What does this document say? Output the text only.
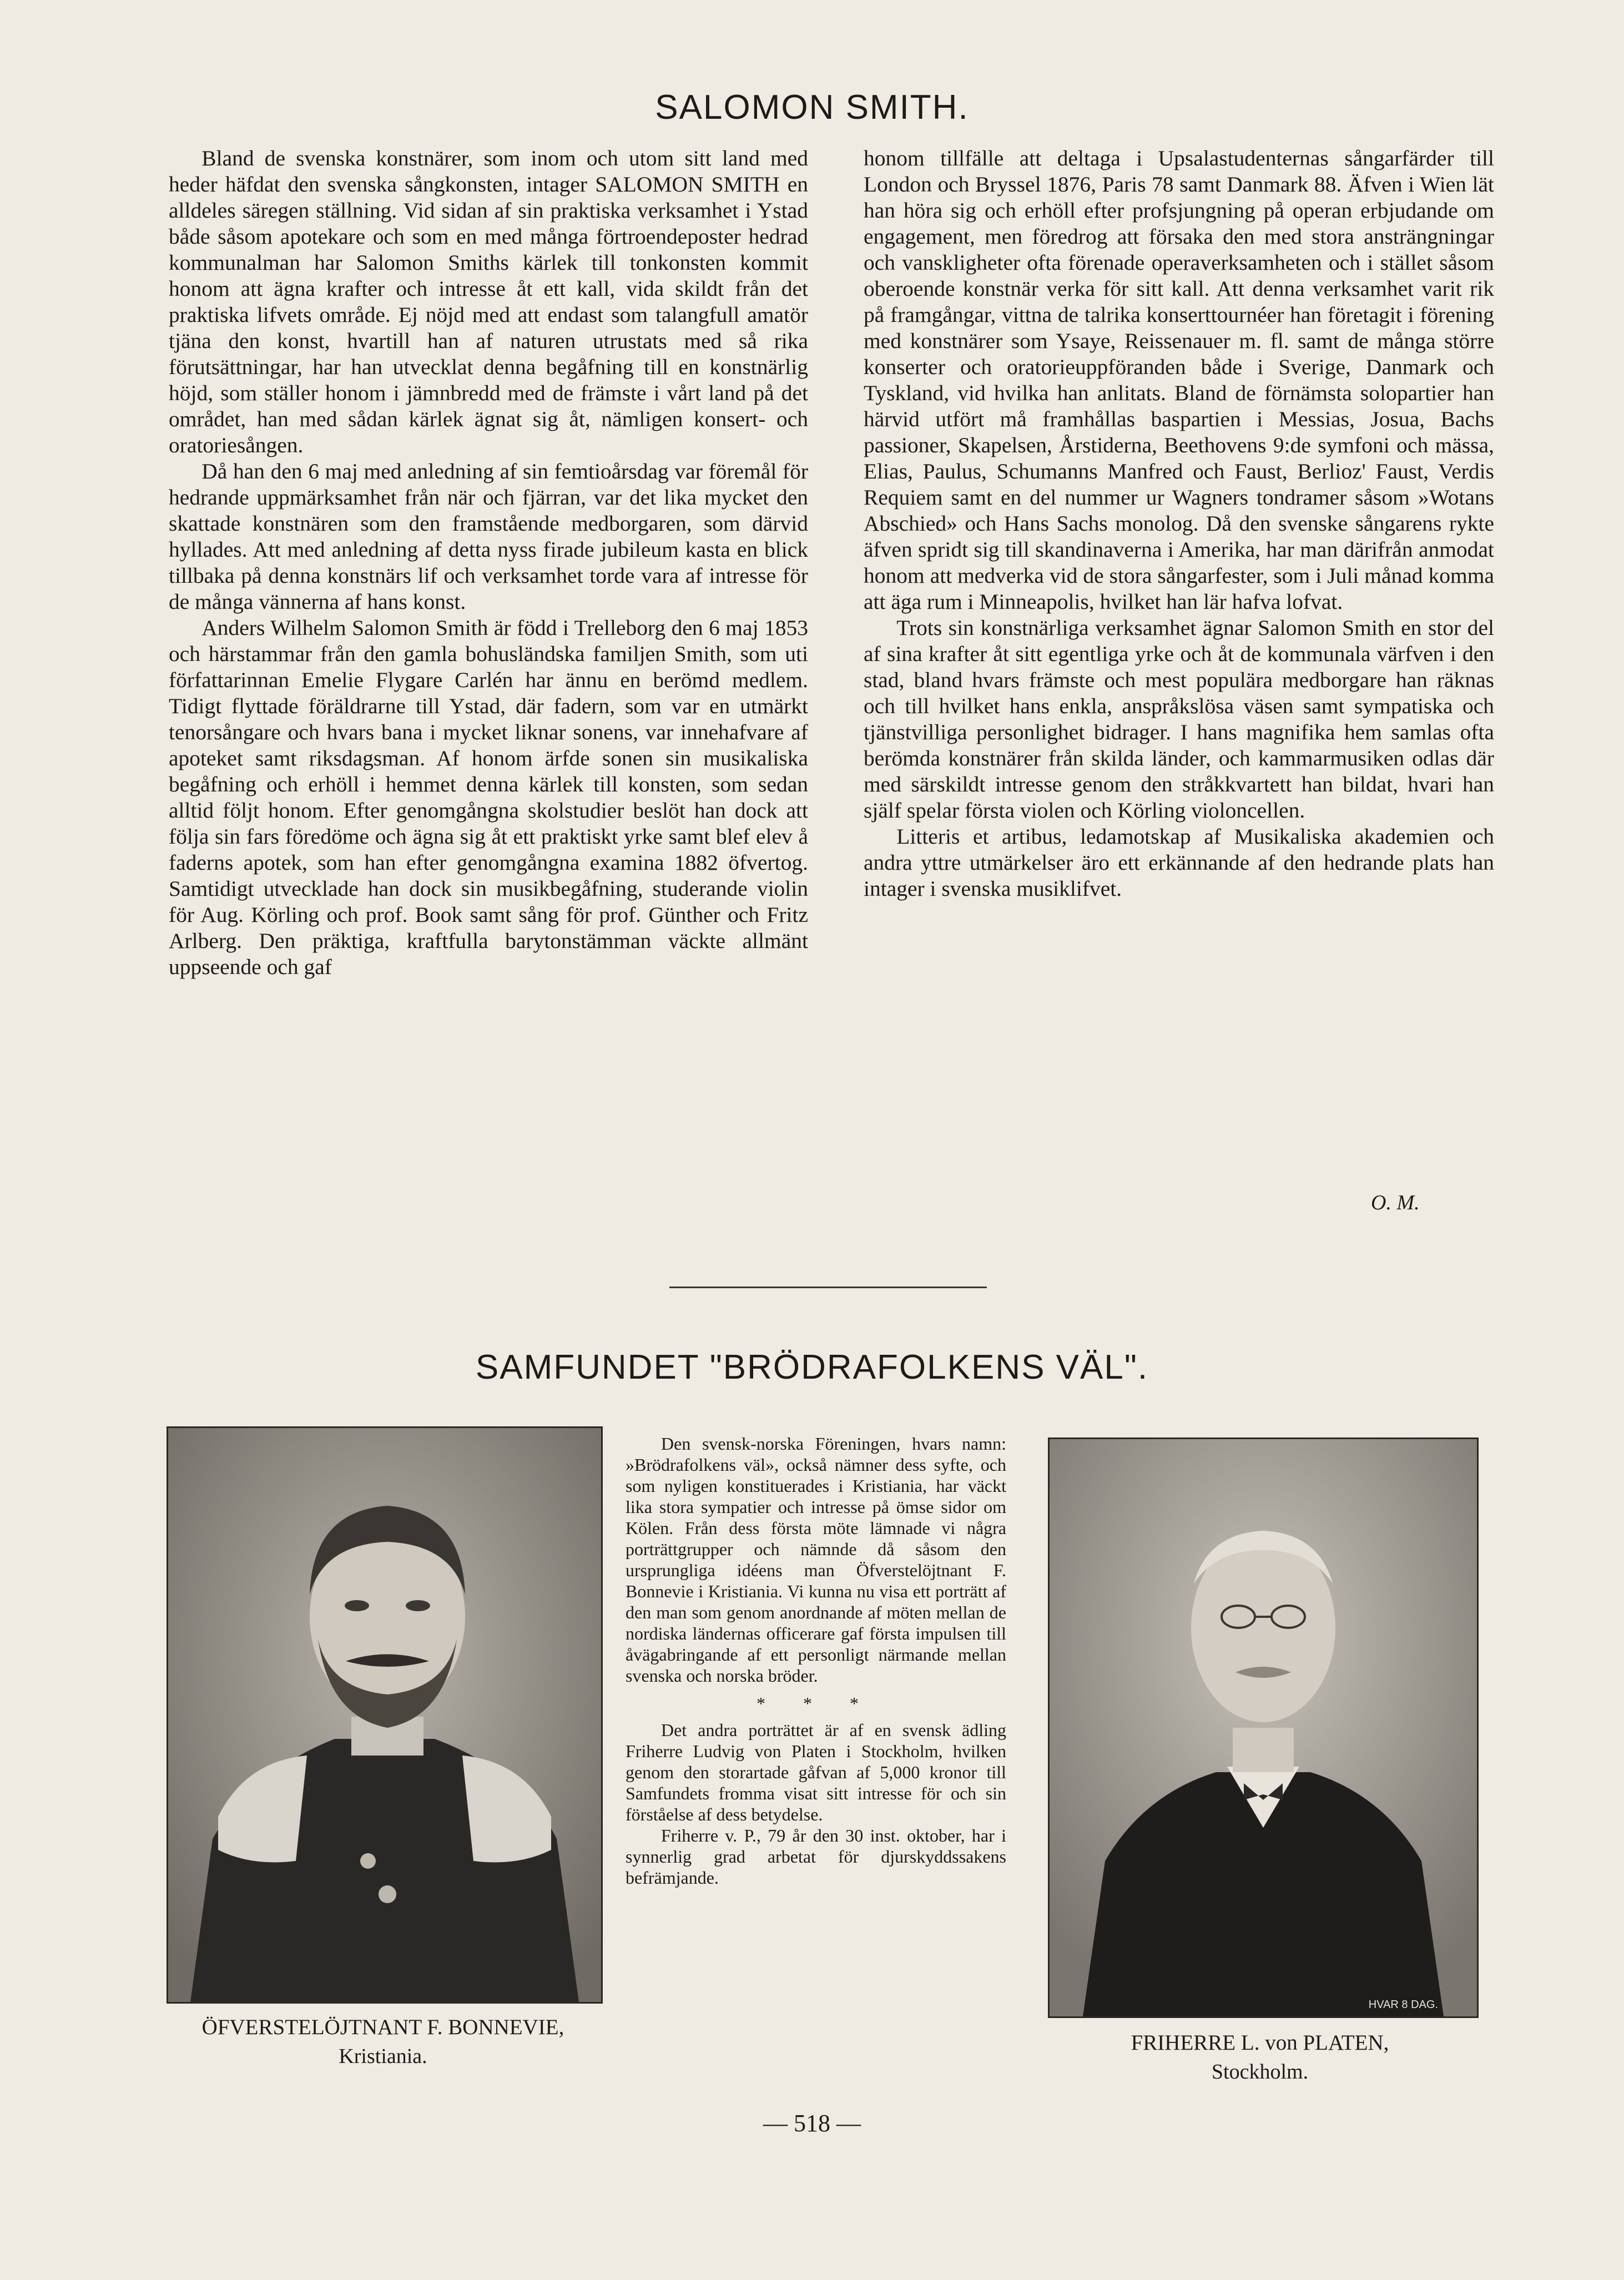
SALOMON SMITH.

Bland de svenska konstnärer, som inom och utom sitt land med heder häfdat den svenska sångkonsten, intager SALOMON SMITH en alldeles säregen ställning. Vid sidan af sin praktiska verksamhet i Ystad både såsom apotekare och som en med många förtroendeposter hedrad kommunalman har Salomon Smiths kärlek till tonkonsten kommit honom att ägna krafter och intresse åt ett kall, vida skildt från det praktiska lifvets område. Ej nöjd med att endast som talangfull amatör tjäna den konst, hvartill han af naturen utrustats med så rika förutsättningar, har han utvecklat denna begåfning till en konstnärlig höjd, som ställer honom i jämnbredd med de främste i vårt land på det området, han med sådan kärlek ägnat sig åt, nämligen konsert- och oratoriesången.

Då han den 6 maj med anledning af sin femtioårsdag var föremål för hedrande uppmärksamhet från när och fjärran, var det lika mycket den skattade konstnären som den framstående medborgaren, som därvid hyllades. Att med anledning af detta nyss firade jubileum kasta en blick tillbaka på denna konstnärs lif och verksamhet torde vara af intresse för de många vännerna af hans konst.

Anders Wilhelm Salomon Smith är född i Trelleborg den 6 maj 1853 och härstammar från den gamla bohusländska familjen Smith, som uti författarinnan Emelie Flygare Carlén har ännu en berömd medlem. Tidigt flyttade föräldrarne till Ystad, där fadern, som var en utmärkt tenorsångare och hvars bana i mycket liknar sonens, var innehafvare af apoteket samt riksdagsman. Af honom ärfde sonen sin musikaliska begåfning och erhöll i hemmet denna kärlek till konsten, som sedan alltid följt honom. Efter genomgångna skolstudier beslöt han dock att följa sin fars föredöme och ägna sig åt ett praktiskt yrke samt blef elev å faderns apotek, som han efter genomgångna examina 1882 öfvertog. Samtidigt utvecklade han dock sin musikbegåfning, studerande violin för Aug. Körling och prof. Book samt sång för prof. Günther och Fritz Arlberg. Den präktiga, kraftfulla barytonstämman väckte allmänt uppseende och gaf

honom tillfälle att deltaga i Upsalastudenternas sångarfärder till London och Bryssel 1876, Paris 78 samt Danmark 88. Äfven i Wien lät han höra sig och erhöll efter profsjungning på operan erbjudande om engagement, men föredrog att försaka den med stora ansträngningar och vanskligheter ofta förenade operaverksamheten och i stället såsom oberoende konstnär verka för sitt kall. Att denna verksamhet varit rik på framgångar, vittna de talrika konserttournéer han företagit i förening med konstnärer som Ysaye, Reissenauer m. fl. samt de många större konserter och oratorieuppföranden både i Sverige, Danmark och Tyskland, vid hvilka han anlitats. Bland de förnämsta solopartier han härvid utfört må framhållas baspartien i Messias, Josua, Bachs passioner, Skapelsen, Årstiderna, Beethovens 9:de symfoni och mässa, Elias, Paulus, Schumanns Manfred och Faust, Berlioz' Faust, Verdis Requiem samt en del nummer ur Wagners tondramer såsom »Wotans Abschied» och Hans Sachs monolog. Då den svenske sångarens rykte äfven spridt sig till skandinaverna i Amerika, har man därifrån anmodat honom att medverka vid de stora sångarfester, som i Juli månad komma att äga rum i Minneapolis, hvilket han lär hafva lofvat.

Trots sin konstnärliga verksamhet ägnar Salomon Smith en stor del af sina krafter åt sitt egentliga yrke och åt de kommunala värfven i den stad, bland hvars främste och mest populära medborgare han räknas och till hvilket hans enkla, anspråkslösa väsen samt sympatiska och tjänstvilliga personlighet bidrager. I hans magnifika hem samlas ofta berömda konstnärer från skilda länder, och kammarmusiken odlas där med särskildt intresse genom den stråkkvartett han bildat, hvari han själf spelar första violen och Körling violoncellen.

Litteris et artibus, ledamotskap af Musikaliska akademien och andra yttre utmärkelser äro ett erkännande af den hedrande plats han intager i svenska musiklifvet.

O. M.
SAMFUNDET "BRÖDRAFOLKENS VÄL".
ÖFVERSTELÖJTNANT F. BONNEVIE,
Kristiania.

Den svensk-norska Föreningen, hvars namn: »Brödrafolkens väl», också nämner dess syfte, och som nyligen konstituerades i Kristiania, har väckt lika stora sympatier och intresse på ömse sidor om Kölen. Från dess första möte lämnade vi några porträttgrupper och nämnde då såsom den ursprungliga idéens man Öfverstelöjtnant F. Bonnevie i Kristiania. Vi kunna nu visa ett porträtt af den man som genom anordnande af möten mellan de nordiska ländernas officerare gaf första impulsen till åvägabringande af ett personligt närmande mellan svenska och norska bröder.

* * *

Det andra porträttet är af en svensk ädling Friherre Ludvig von Platen i Stockholm, hvilken genom den storartade gåfvan af 5,000 kronor till Samfundets fromma visat sitt intresse för och sin förståelse af dess betydelse.

Friherre v. P., 79 år den 30 inst. oktober, har i synnerlig grad arbetat för djurskyddssakens befrämjande.

HVAR 8 DAG.
FRIHERRE L. von PLATEN,
Stockholm.
— 518 —
